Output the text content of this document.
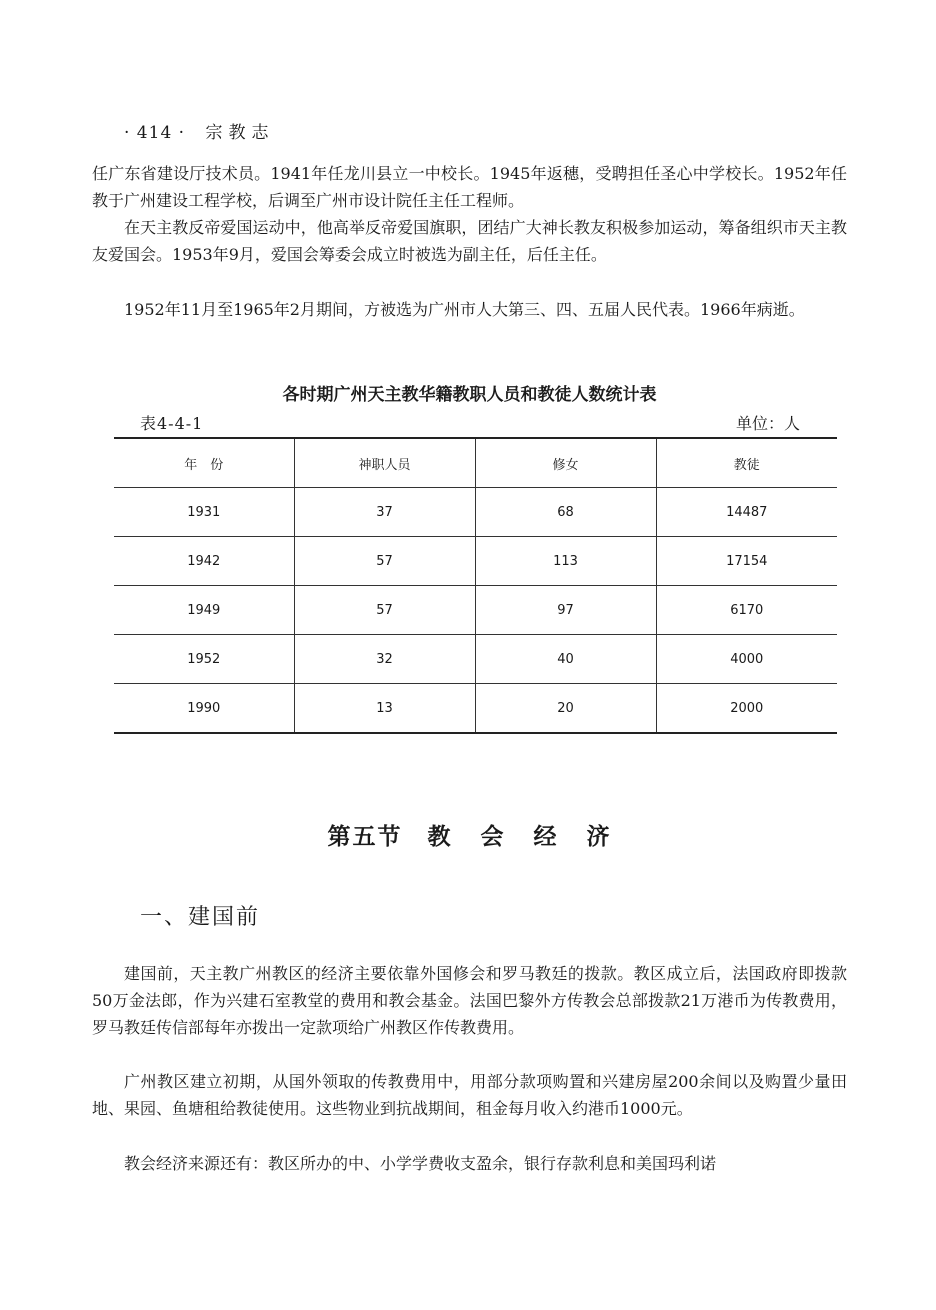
· 414 · 宗教志

任广东省建设厅技术员。1941年任龙川县立一中校长。1945年返穗，受聘担任圣心中学校长。1952年任教于广州建设工程学校，后调至广州市设计院任主任工程师。

在天主教反帝爱国运动中，他高举反帝爱国旗职，团结广大神长教友积极参加运动，筹备组织市天主教友爱国会。1953年9月，爱国会筹委会成立时被选为副主任，后任主任。

1952年11月至1965年2月期间，方被选为广州市人大第三、四、五届人民代表。1966年病逝。

各时期广州天主教华籍教职人员和教徒人数统计表
表4-4-1	单位：人
年　份	神职人员	修女	教徒
1931	37	68	14487
1942	57	113	17154
1949	57	97	6170
1952	32	40	4000
1990	13	20	2000
第五节　教 会 经 济
一、建国前

建国前，天主教广州教区的经济主要依靠外国修会和罗马教廷的拨款。教区成立后，法国政府即拨款50万金法郎，作为兴建石室教堂的费用和教会基金。法国巴黎外方传教会总部拨款21万港币为传教费用，罗马教廷传信部每年亦拨出一定款项给广州教区作传教费用。

广州教区建立初期，从国外领取的传教费用中，用部分款项购置和兴建房屋200余间以及购置少量田地、果园、鱼塘租给教徒使用。这些物业到抗战期间，租金每月收入约港币1000元。

教会经济来源还有：教区所办的中、小学学费收支盈余，银行存款利息和美国玛利诺
